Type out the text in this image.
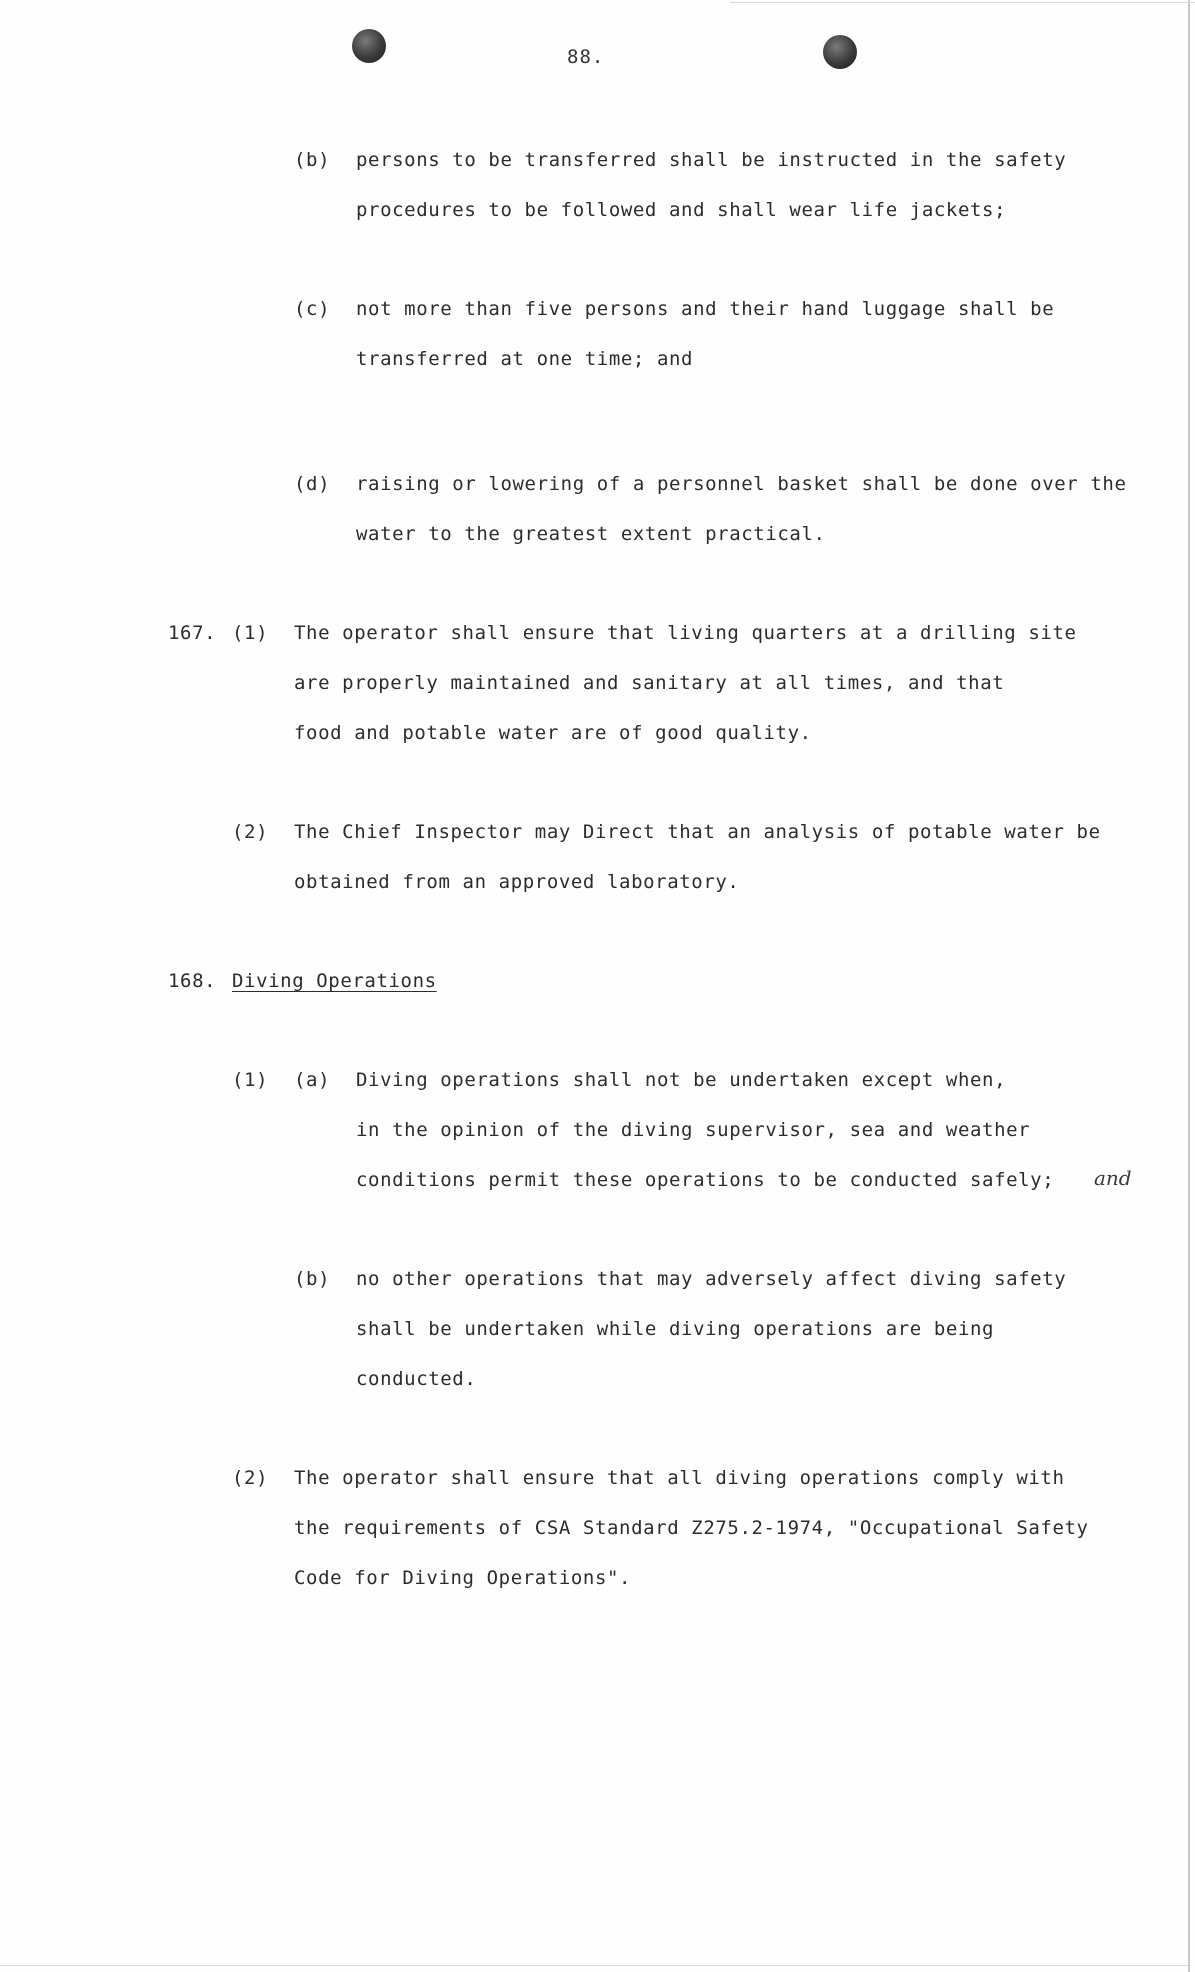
88.
(b) persons to be transferred shall be instructed in the safety
procedures to be followed and shall wear life jackets;
(c) not more than five persons and their hand luggage shall be
transferred at one time; and
(d) raising or lowering of a personnel basket shall be done over the
water to the greatest extent practical.
167. (1) The operator shall ensure that living quarters at a drilling site
are properly maintained and sanitary at all times, and that
food and potable water are of good quality.
(2) The Chief Inspector may Direct that an analysis of potable water be
obtained from an approved laboratory.
168. Diving Operations
(1) (a) Diving operations shall not be undertaken except when,
in the opinion of the diving supervisor, sea and weather
conditions permit these operations to be conducted safely; and
(b) no other operations that may adversely affect diving safety
shall be undertaken while diving operations are being
conducted.
(2) The operator shall ensure that all diving operations comply with
the requirements of CSA Standard Z275.2-1974, "Occupational Safety
Code for Diving Operations".
